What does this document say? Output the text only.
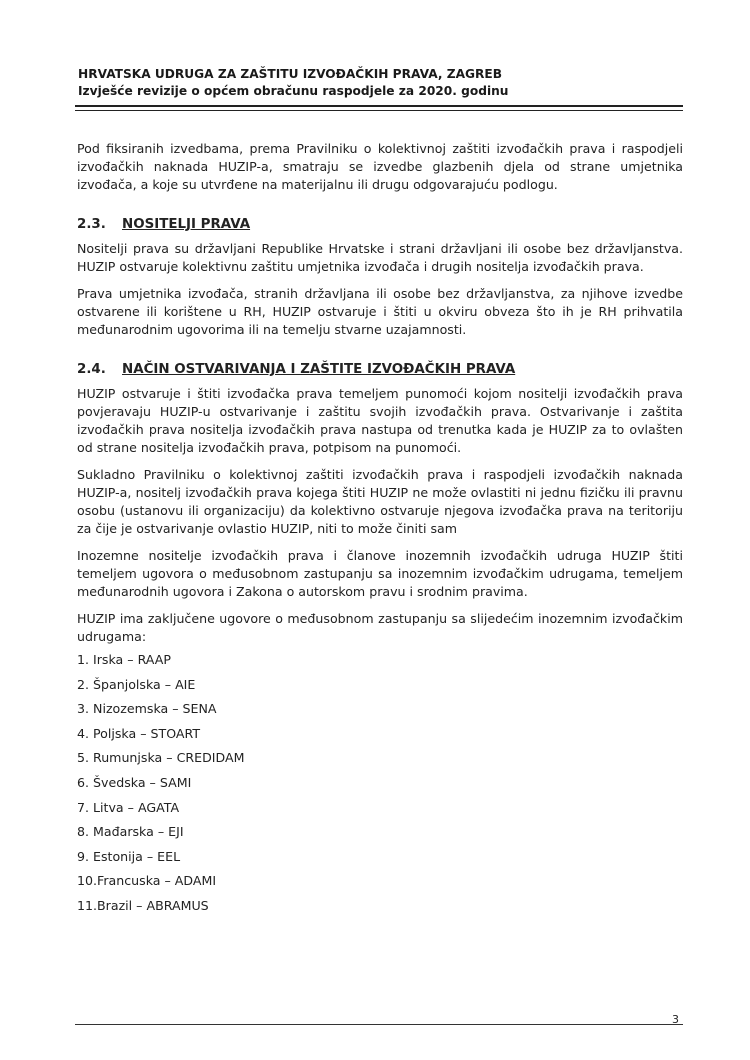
HRVATSKA UDRUGA ZA ZAŠTITU IZVOĐAČKIH PRAVA, ZAGREB
Izvješće revizije o općem obračunu raspodjele za 2020. godinu

Pod fiksiranih izvedbama, prema Pravilniku o kolektivnoj zaštiti izvođačkih prava i raspodjeli izvođačkih naknada HUZIP-a, smatraju se izvedbe glazbenih djela od strane umjetnika izvođača, a koje su utvrđene na materijalnu ili drugu odgovarajuću podlogu.

2.3. NOSITELJI PRAVA

Nositelji prava su državljani Republike Hrvatske i strani državljani ili osobe bez državljanstva. HUZIP ostvaruje kolektivnu zaštitu umjetnika izvođača i drugih nositelja izvođačkih prava.

Prava umjetnika izvođača, stranih državljana ili osobe bez državljanstva, za njihove izvedbe ostvarene ili korištene u RH, HUZIP ostvaruje i štiti u okviru obveza što ih je RH prihvatila međunarodnim ugovorima ili na temelju stvarne uzajamnosti.

2.4. NAČIN OSTVARIVANJA I ZAŠTITE IZVOĐAČKIH PRAVA

HUZIP ostvaruje i štiti izvođačka prava temeljem punomoći kojom nositelji izvođačkih prava povjeravaju HUZIP-u ostvarivanje i zaštitu svojih izvođačkih prava. Ostvarivanje i zaštita izvođačkih prava nositelja izvođačkih prava nastupa od trenutka kada je HUZIP za to ovlašten od strane nositelja izvođačkih prava, potpisom na punomoći.

Sukladno Pravilniku o kolektivnoj zaštiti izvođačkih prava i raspodjeli izvođačkih naknada HUZIP-a, nositelj izvođačkih prava kojega štiti HUZIP ne može ovlastiti ni jednu fizičku ili pravnu osobu (ustanovu ili organizaciju) da kolektivno ostvaruje njegova izvođačka prava na teritoriju za čije je ostvarivanje ovlastio HUZIP, niti to može činiti sam

Inozemne nositelje izvođačkih prava i članove inozemnih izvođačkih udruga HUZIP štiti temeljem ugovora o međusobnom zastupanju sa inozemnim izvođačkim udrugama, temeljem međunarodnih ugovora i Zakona o autorskom pravu i srodnim pravima.

HUZIP ima zaključene ugovore o međusobnom zastupanju sa slijedećim inozemnim izvođačkim udrugama:

1. Irska – RAAP
2. Španjolska – AIE
3. Nizozemska – SENA
4. Poljska – STOART
5. Rumunjska – CREDIDAM
6. Švedska – SAMI
7. Litva – AGATA
8. Mađarska – EJI
9. Estonija – EEL
10.Francuska – ADAMI
11.Brazil – ABRAMUS
3
